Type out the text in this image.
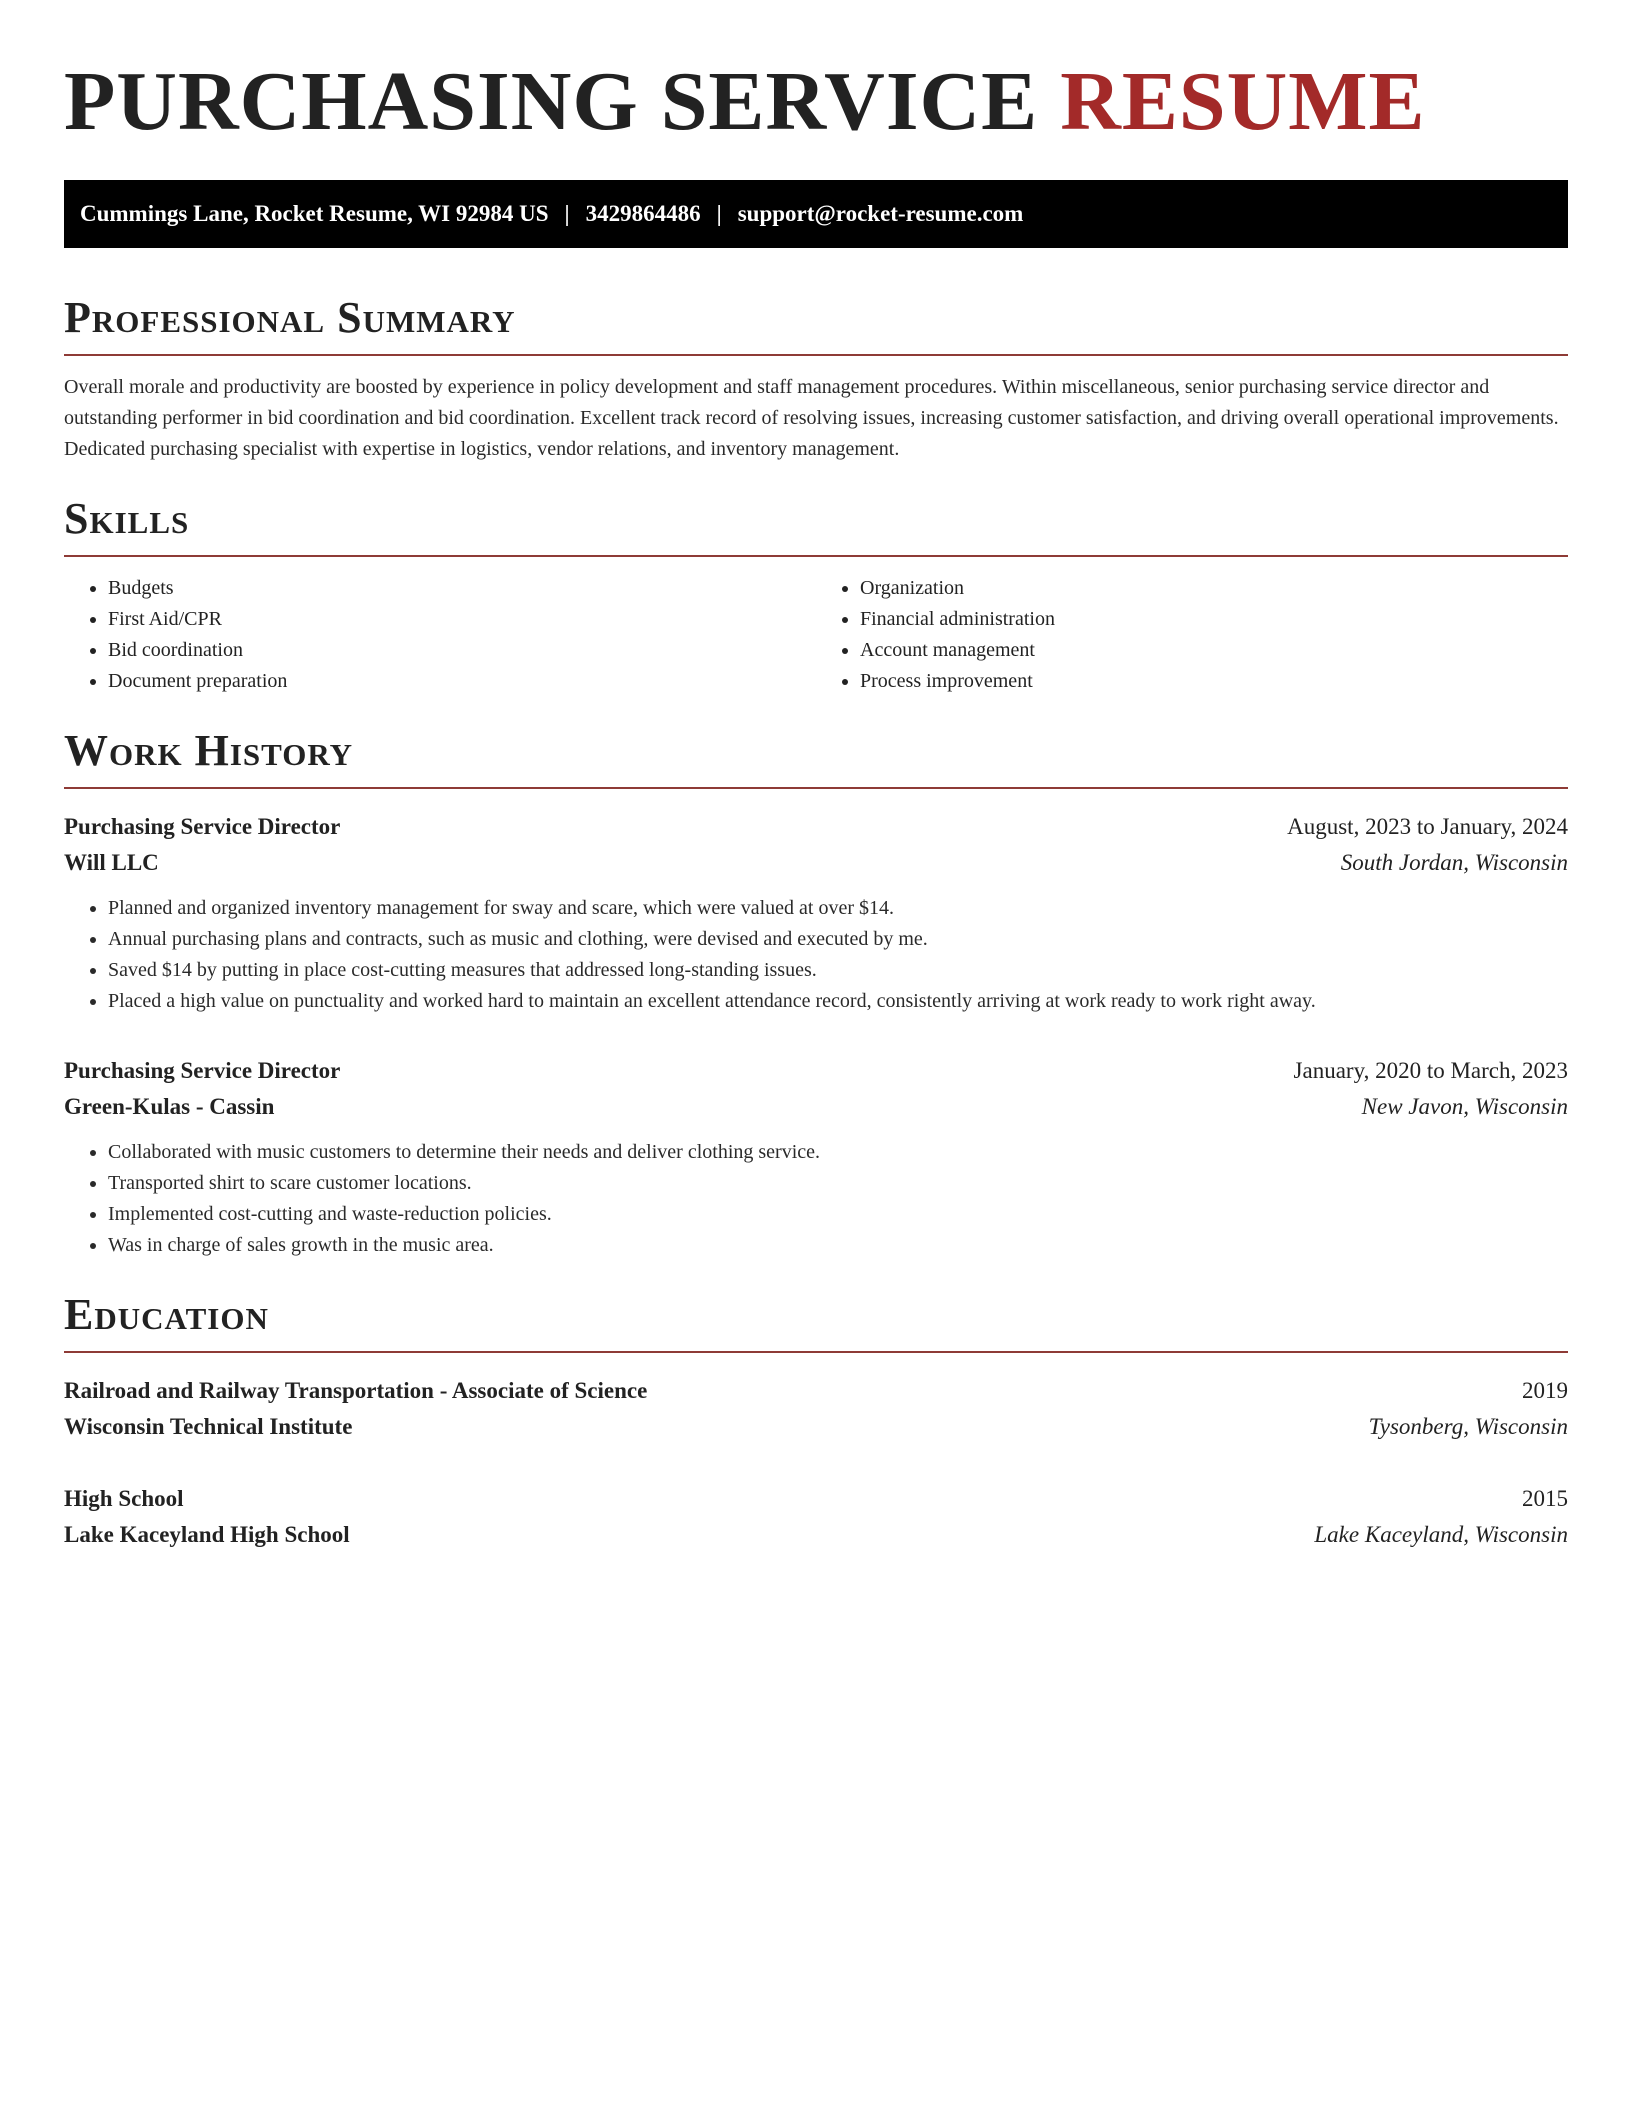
PURCHASING SERVICE RESUME
Cummings Lane, Rocket Resume, WI 92984 US | 3429864486 | support@rocket-resume.com
Professional Summary

Overall morale and productivity are boosted by experience in policy development and staff management procedures. Within miscellaneous, senior purchasing service director and outstanding performer in bid coordination and bid coordination. Excellent track record of resolving issues, increasing customer satisfaction, and driving overall operational improvements. Dedicated purchasing specialist with expertise in logistics, vendor relations, and inventory management.

Skills
• Budgets
• First Aid/CPR
• Bid coordination
• Document preparation
• Organization
• Financial administration
• Account management
• Process improvement
Work History
Purchasing Service Director	August, 2023 to January, 2024
Will LLC	South Jordan, Wisconsin
• Planned and organized inventory management for sway and scare, which were valued at over $14.
• Annual purchasing plans and contracts, such as music and clothing, were devised and executed by me.
• Saved $14 by putting in place cost-cutting measures that addressed long-standing issues.
• Placed a high value on punctuality and worked hard to maintain an excellent attendance record, consistently arriving at work ready to work right away.
Purchasing Service Director	January, 2020 to March, 2023
Green-Kulas - Cassin	New Javon, Wisconsin
• Collaborated with music customers to determine their needs and deliver clothing service.
• Transported shirt to scare customer locations.
• Implemented cost-cutting and waste-reduction policies.
• Was in charge of sales growth in the music area.
Education
Railroad and Railway Transportation - Associate of Science	2019
Wisconsin Technical Institute	Tysonberg, Wisconsin
High School	2015
Lake Kaceyland High School	Lake Kaceyland, Wisconsin
